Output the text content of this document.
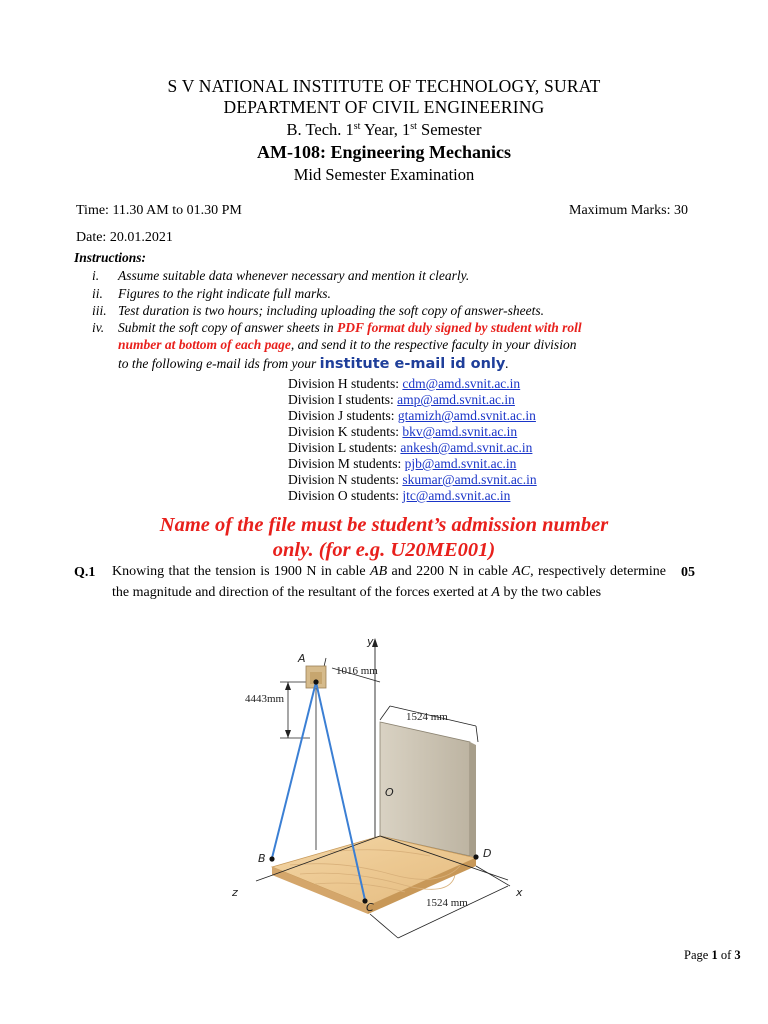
S V NATIONAL INSTITUTE OF TECHNOLOGY, SURAT
DEPARTMENT OF CIVIL ENGINEERING
B. Tech. 1st Year, 1st Semester
AM-108: Engineering Mechanics
Mid Semester Examination
Time: 11.30 AM to 01.30 PM	Maximum Marks: 30
Date: 20.01.2021
Instructions:
i. Assume suitable data whenever necessary and mention it clearly.
ii. Figures to the right indicate full marks.
iii. Test duration is two hours; including uploading the soft copy of answer-sheets.
iv. Submit the soft copy of answer sheets in PDF format duly signed by student with roll
number at bottom of each page, and send it to the respective faculty in your division
to the following e-mail ids from your institute e-mail id only.
Division H students: cdm@amd.svnit.ac.in
Division I students: amp@amd.svnit.ac.in
Division J students: gtamizh@amd.svnit.ac.in
Division K students: bkv@amd.svnit.ac.in
Division L students: ankesh@amd.svnit.ac.in
Division M students: pjb@amd.svnit.ac.in
Division N students: skumar@amd.svnit.ac.in
Division O students: jtc@amd.svnit.ac.in
Name of the file must be student’s admission number
only. (for e.g. U20ME001)
Q.1 Knowing that the tension is 1900 N in cable AB and 2200 N in cable AC, respectively determine the magnitude and direction of the resultant of the forces exerted at A by the two cables
05
y
A
O
B
C
D
z	x
1016 mm
4443mm
1524 mm
1524 mm
Page 1 of 3
